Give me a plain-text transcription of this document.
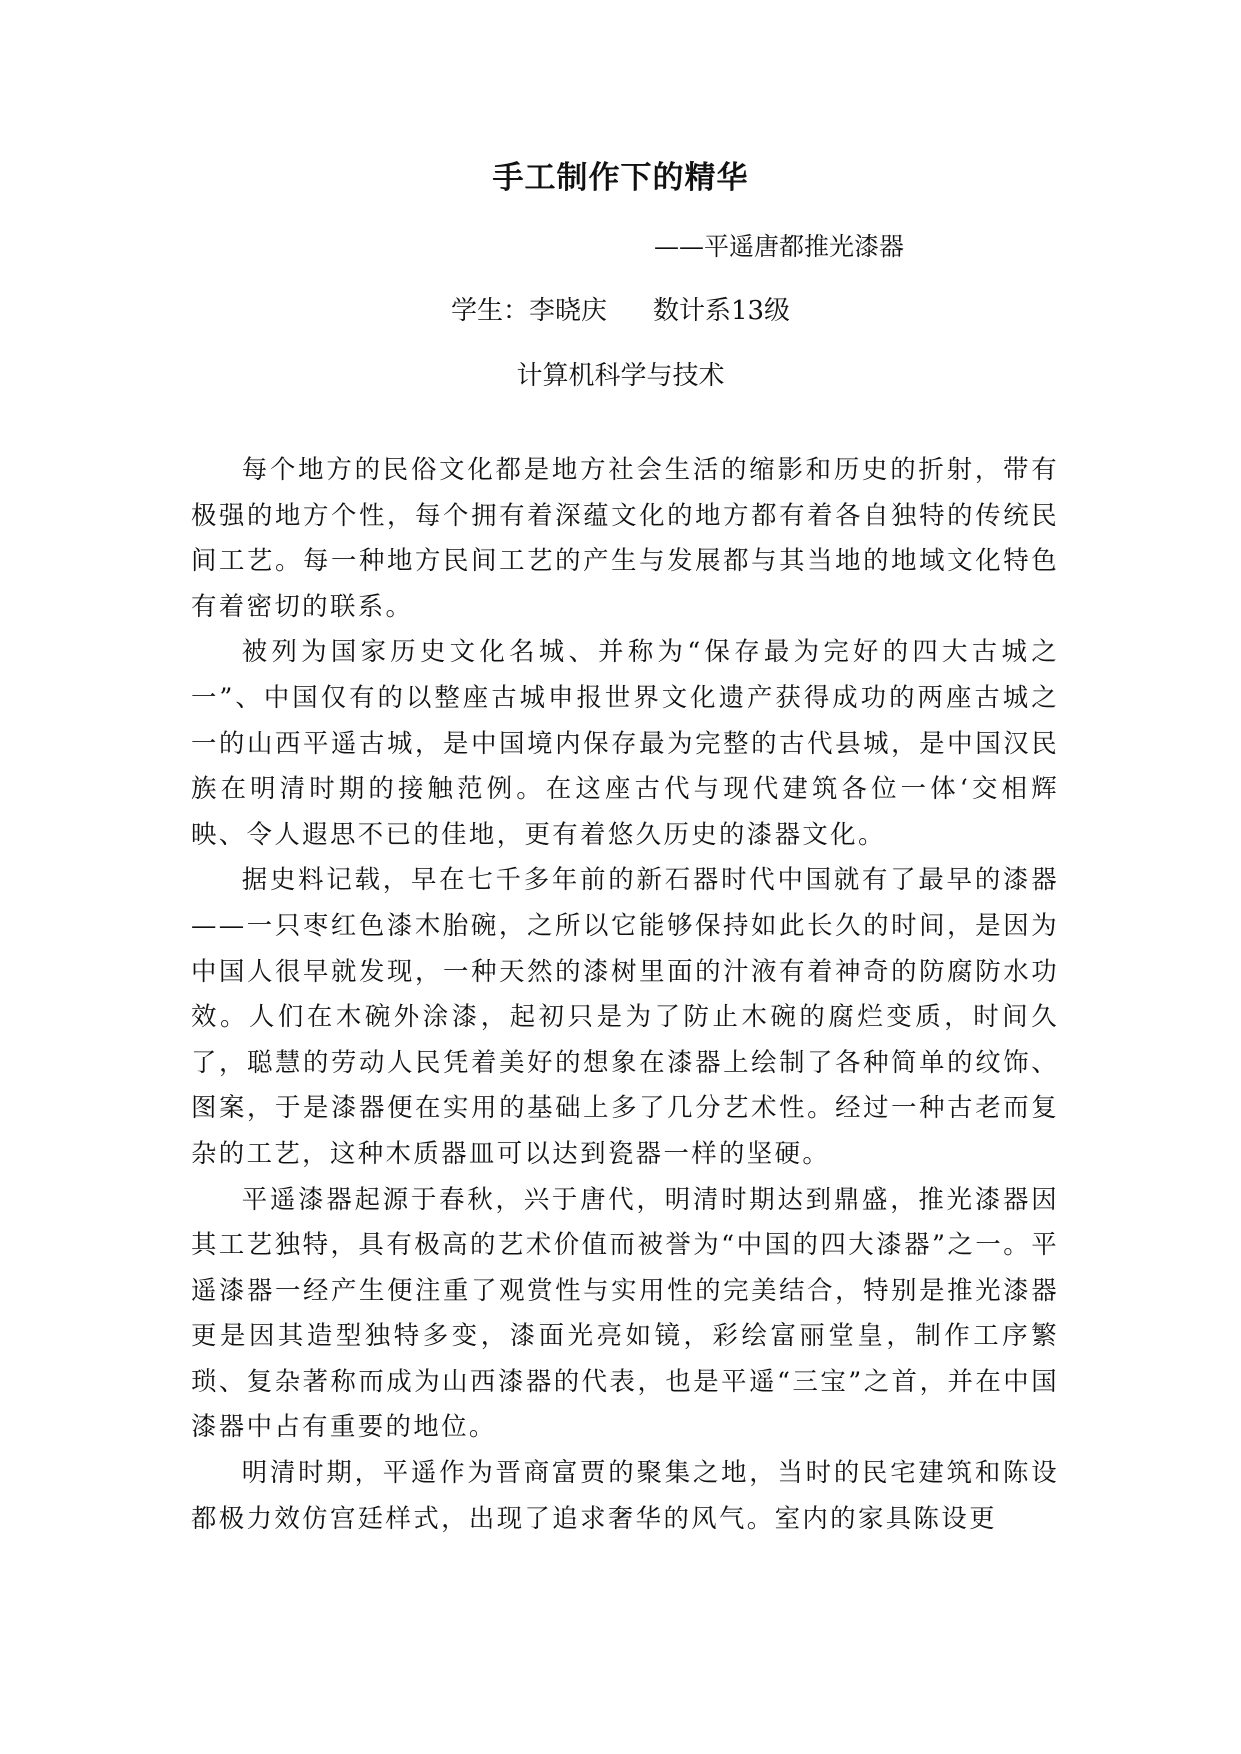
手工制作下的精华
——平遥唐都推光漆器
学生：李晓庆 数计系13级
计算机科学与技术

每个地方的民俗文化都是地方社会生活的缩影和历史的折射，带有极强的地方个性，每个拥有着深蕴文化的地方都有着各自独特的传统民间工艺。每一种地方民间工艺的产生与发展都与其当地的地域文化特色有着密切的联系。

被列为国家历史文化名城、并称为“保存最为完好的四大古城之一”、中国仅有的以整座古城申报世界文化遗产获得成功的两座古城之一的山西平遥古城，是中国境内保存最为完整的古代县城，是中国汉民族在明清时期的接触范例。在这座古代与现代建筑各位一体‘交相辉映、令人遐思不已的佳地，更有着悠久历史的漆器文化。

据史料记载，早在七千多年前的新石器时代中国就有了最早的漆器——一只枣红色漆木胎碗，之所以它能够保持如此长久的时间，是因为中国人很早就发现，一种天然的漆树里面的汁液有着神奇的防腐防水功效。人们在木碗外涂漆，起初只是为了防止木碗的腐烂变质，时间久了，聪慧的劳动人民凭着美好的想象在漆器上绘制了各种简单的纹饰、图案，于是漆器便在实用的基础上多了几分艺术性。经过一种古老而复杂的工艺，这种木质器皿可以达到瓷器一样的坚硬。

平遥漆器起源于春秋，兴于唐代，明清时期达到鼎盛，推光漆器因其工艺独特，具有极高的艺术价值而被誉为“中国的四大漆器”之一。平遥漆器一经产生便注重了观赏性与实用性的完美结合，特别是推光漆器更是因其造型独特多变，漆面光亮如镜，彩绘富丽堂皇，制作工序繁琐、复杂著称而成为山西漆器的代表，也是平遥“三宝”之首，并在中国漆器中占有重要的地位。

明清时期，平遥作为晋商富贾的聚集之地，当时的民宅建筑和陈设都极力效仿宫廷样式，出现了追求奢华的风气。室内的家具陈设更
